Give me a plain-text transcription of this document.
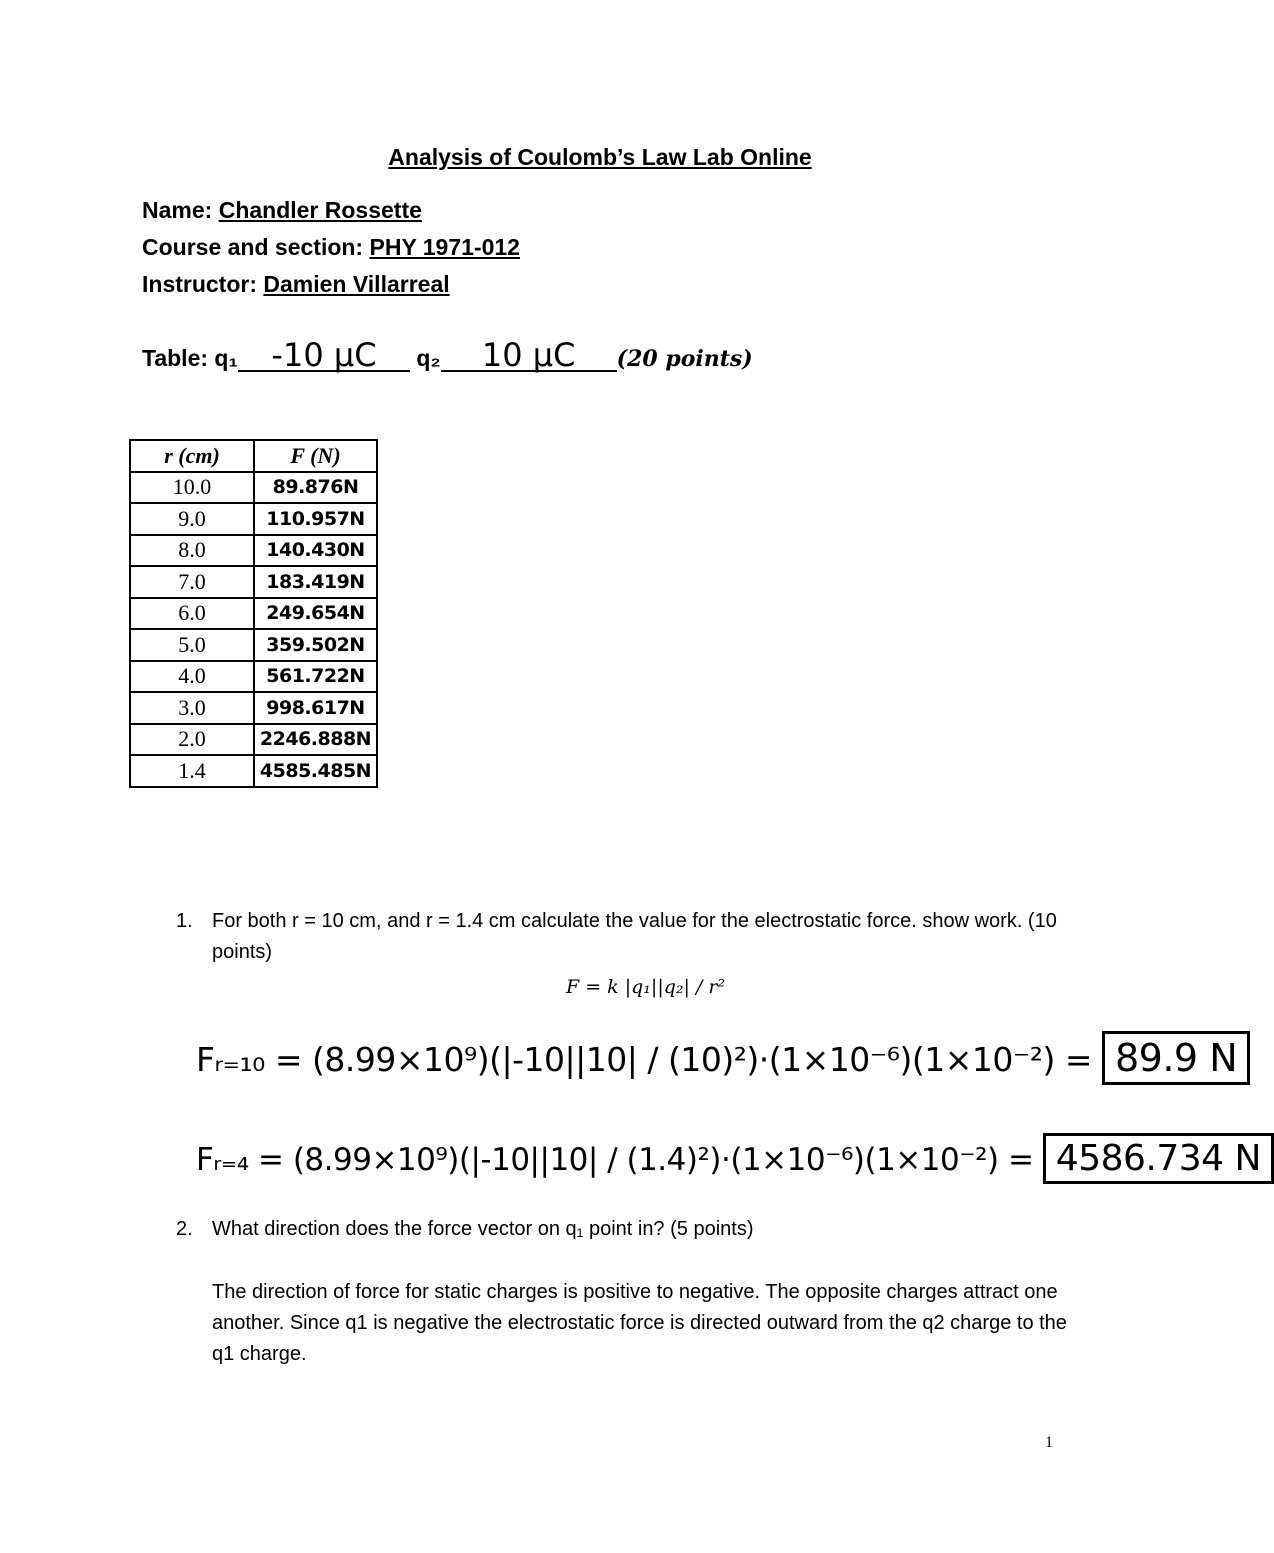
Analysis of Coulomb’s Law Lab Online
Name: Chandler Rossette
Course and section: PHY 1971-012
Instructor: Damien Villarreal
Table: q₁ -10 μC q₂ 10 μC (20 points)
r (cm)	F (N)
10.0	89.876N
9.0	110.957N
8.0	140.430N
7.0	183.419N
6.0	249.654N
5.0	359.502N
4.0	561.722N
3.0	998.617N
2.0	2246.888N
1.4	4585.485N
1. For both r = 10 cm, and r = 1.4 cm calculate the value for the electrostatic force. show work. (10 points)
F = k |q₁||q₂| / r²
Fᵣ₌₁₀ = (8.99×10⁹)(|-10||10| / (10)²)·(1×10⁻⁶)(1×10⁻²) = 89.9 N
Fᵣ₌₄ = (8.99×10⁹)(|-10||10| / (1.4)²)·(1×10⁻⁶)(1×10⁻²) = 4586.734 N
2. What direction does the force vector on q₁ point in? (5 points)
The direction of force for static charges is positive to negative. The opposite charges attract one another. Since q1 is negative the electrostatic force is directed outward from the q2 charge to the q1 charge.
1
